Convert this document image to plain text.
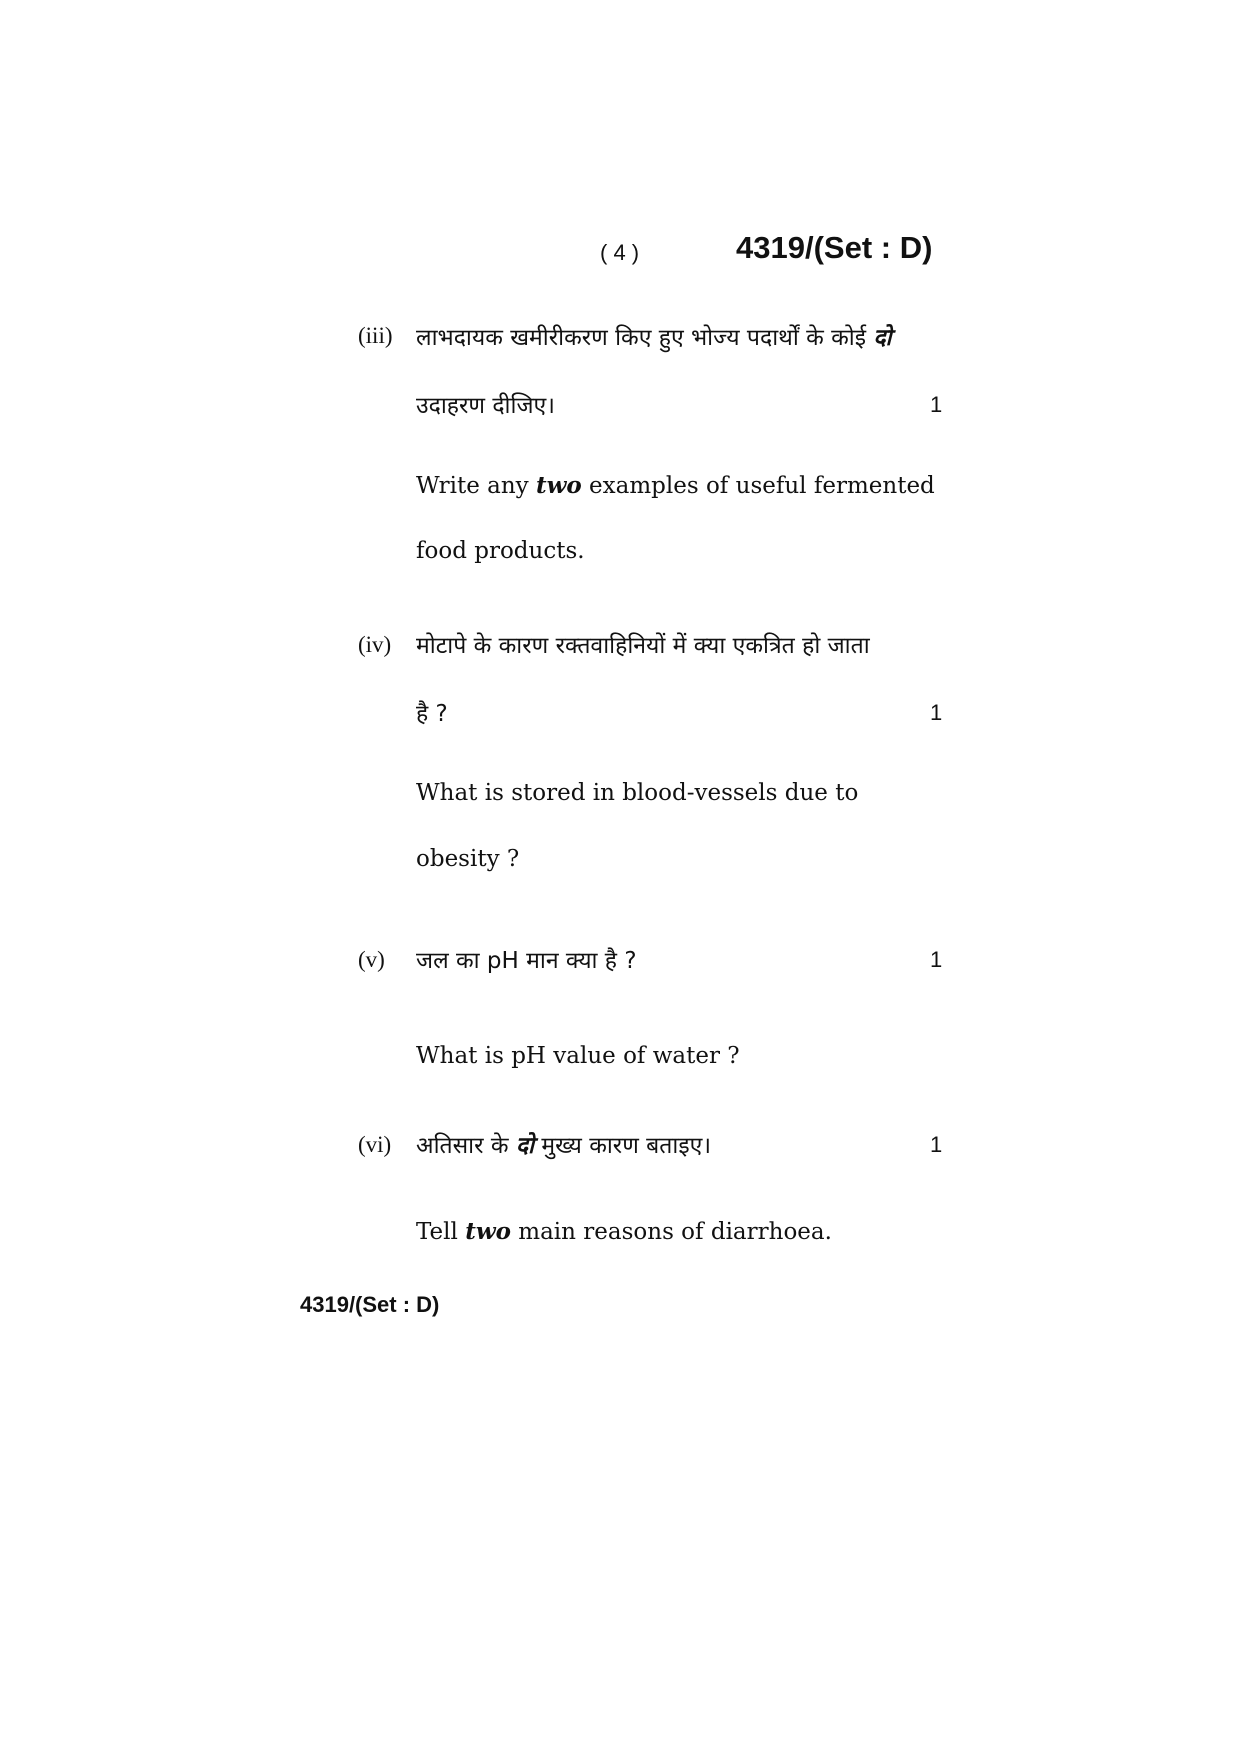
( 4 )	4319/(Set : D)
(iii) लाभदायक खमीरीकरण किए हुए भोज्य पदार्थों के कोई दो
उदाहरण दीजिए।	1
Write any two examples of useful fermented
food products.
(iv) मोटापे के कारण रक्तवाहिनियों में क्या एकत्रित हो जाता
है ?	1
What is stored in blood-vessels due to
obesity ?
(v) जल का pH मान क्या है ?	1
What is pH value of water ?
(vi) अतिसार के दो मुख्य कारण बताइए।	1
Tell two main reasons of diarrhoea.
4319/(Set : D)
